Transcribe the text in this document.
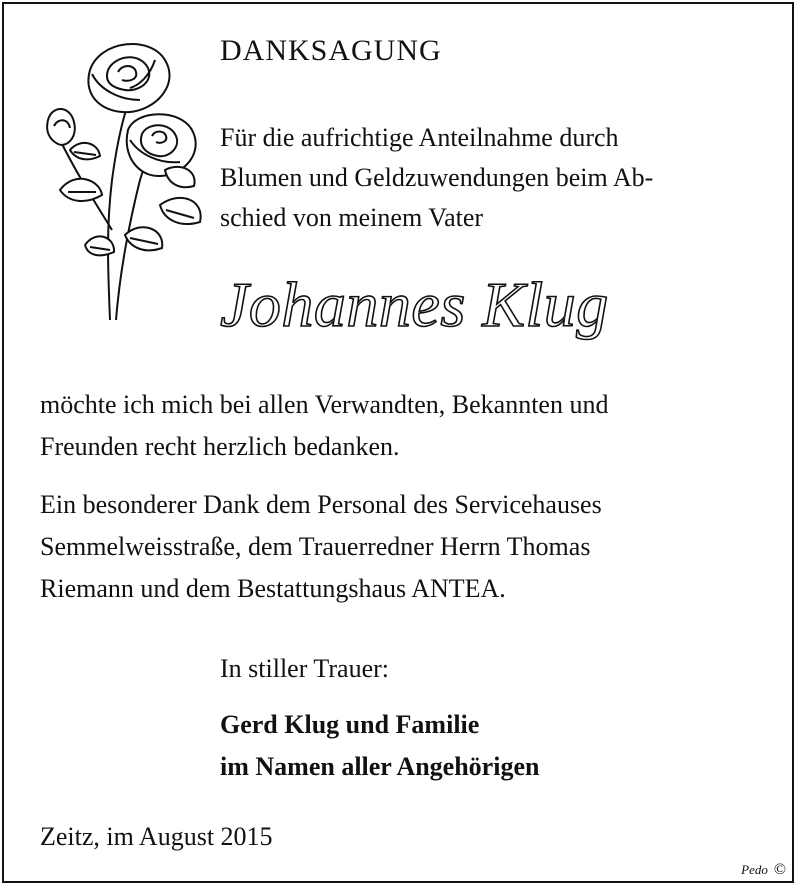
DANKSAGUNG

Für die aufrichtige Anteilnahme durch
Blumen und Geldzuwendungen beim Ab-
schied von meinem Vater

Johannes Klug

möchte ich mich bei allen Verwandten, Bekannten und
Freunden recht herzlich bedanken.

Ein besonderer Dank dem Personal des Servicehauses
Semmelweisstraße, dem Trauerredner Herrn Thomas
Riemann und dem Bestattungshaus ANTEA.

In stiller Trauer:

Gerd Klug und Familie
im Namen aller Angehörigen

Zeitz, im August 2015

Pedo ©
